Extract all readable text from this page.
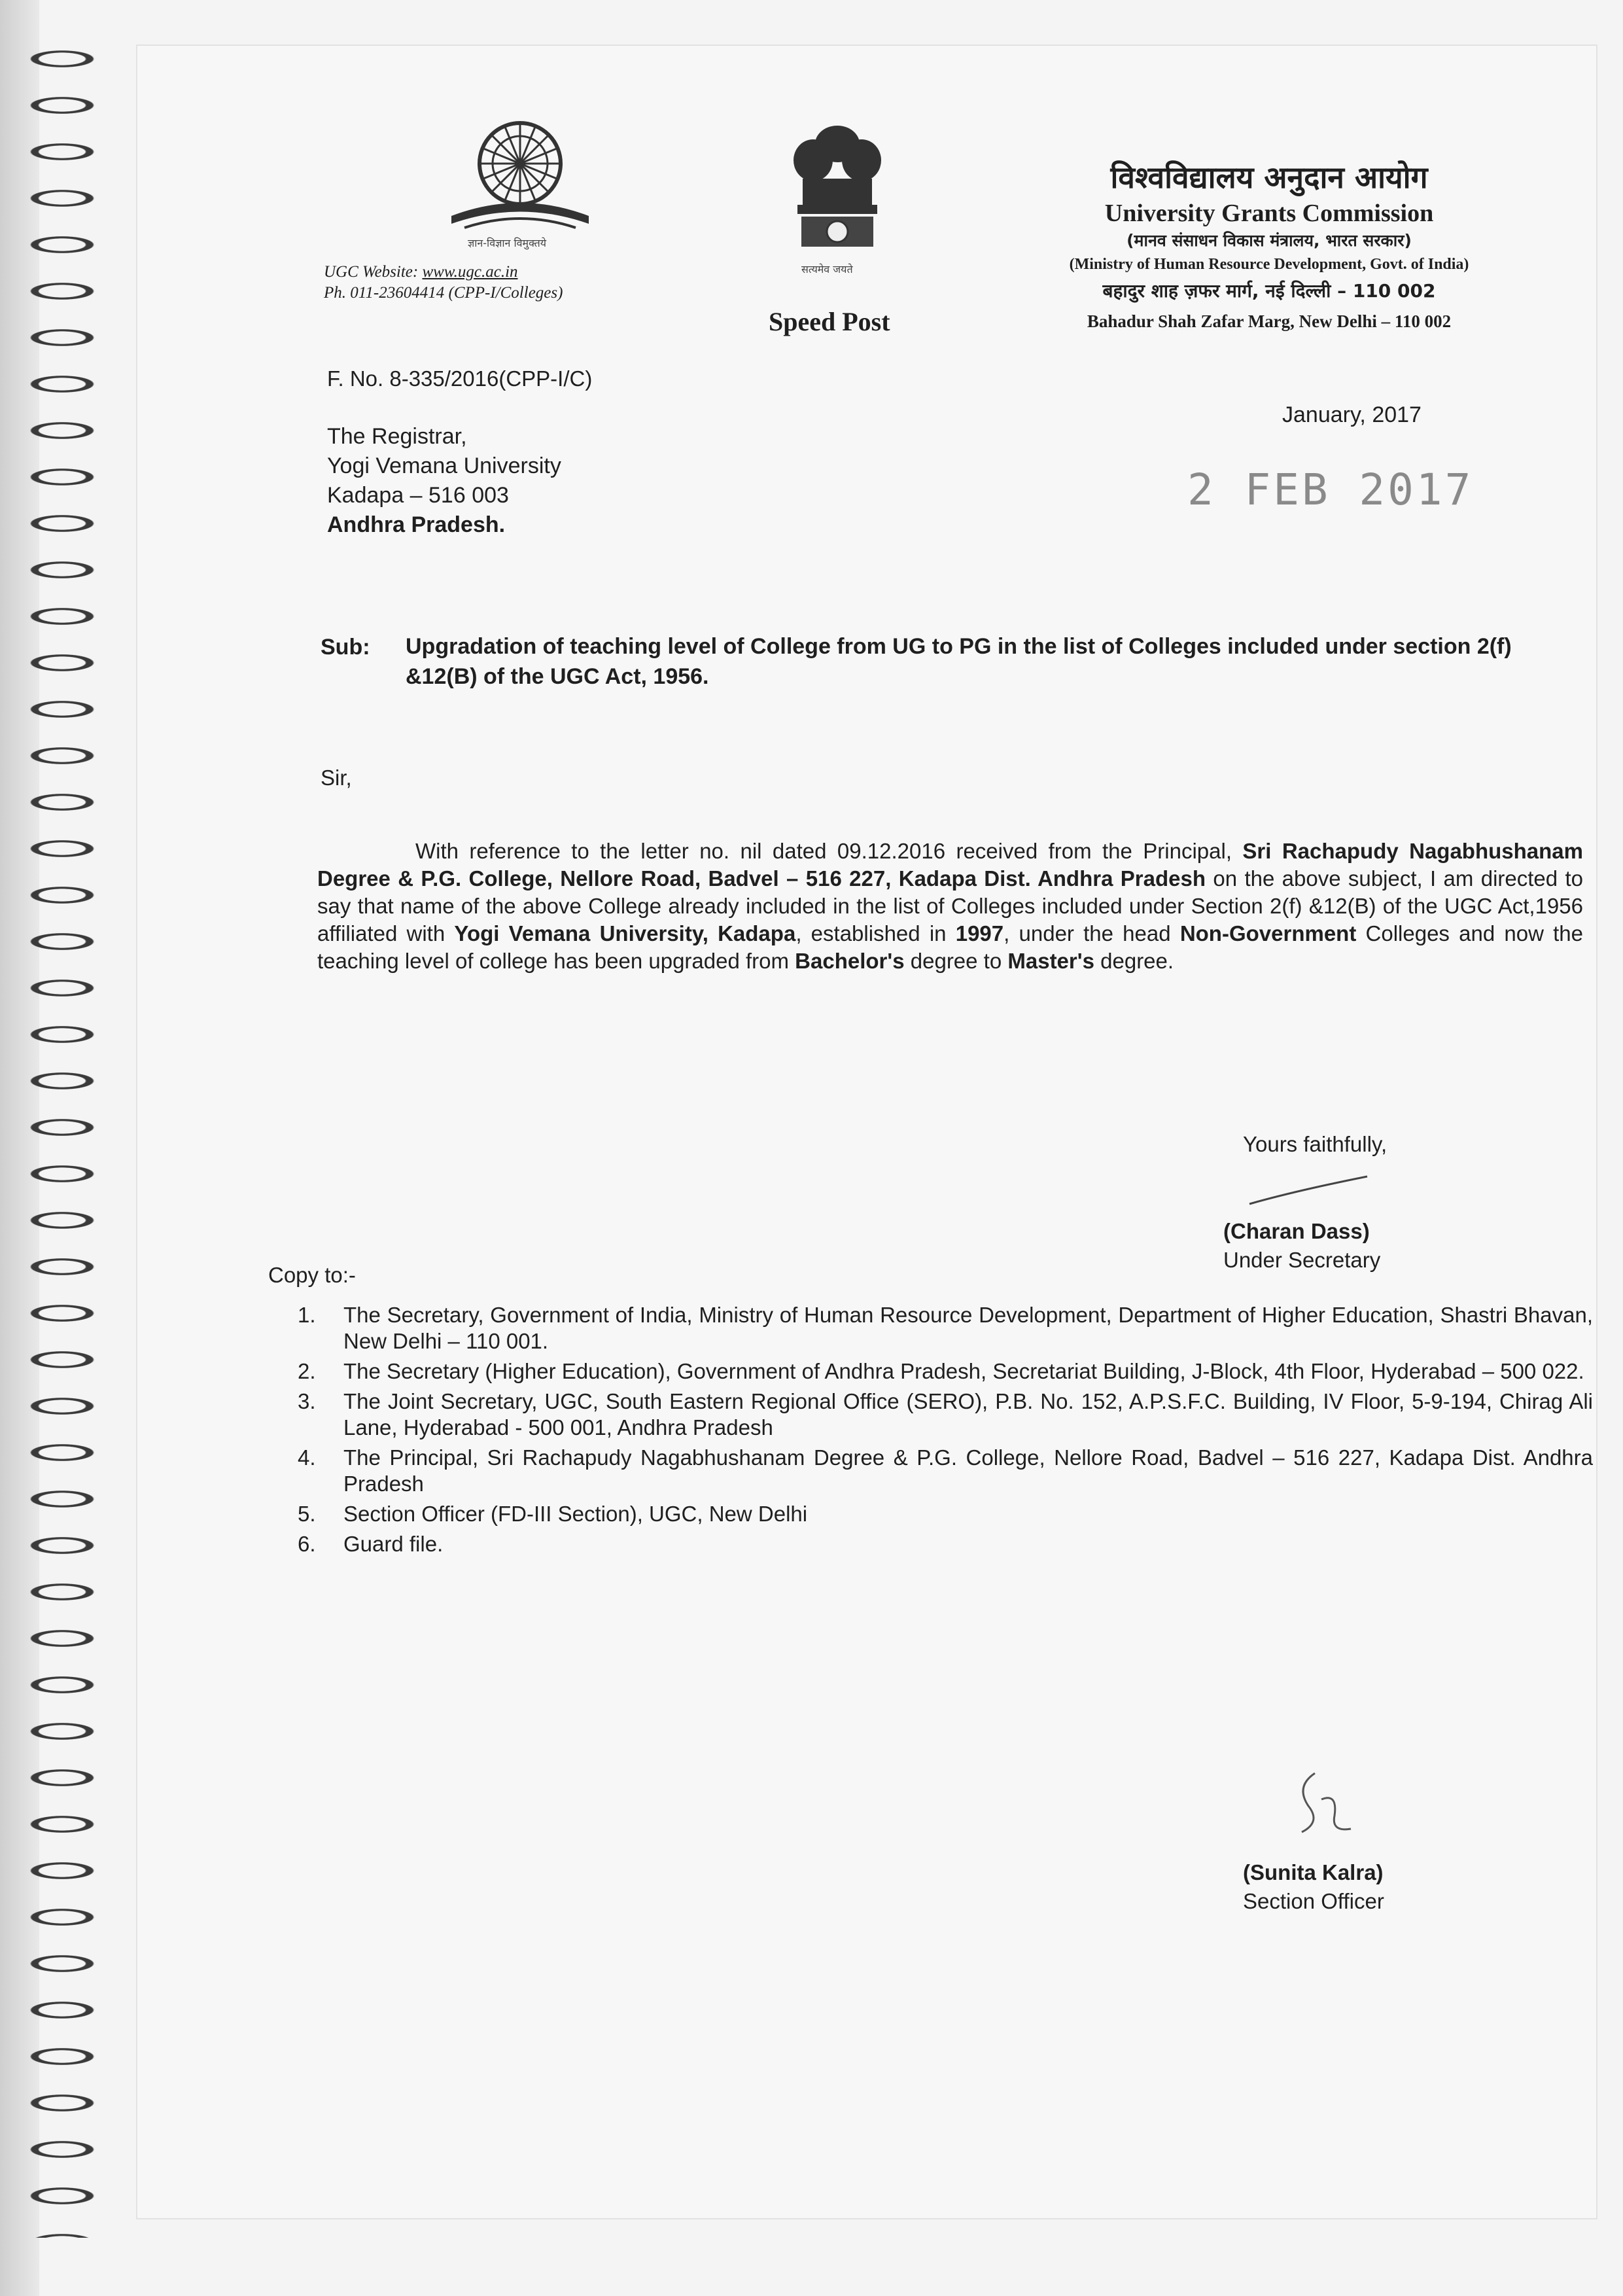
ज्ञान-विज्ञान विमुक्तये
सत्यमेव जयते
UGC Website: www.ugc.ac.in
Ph. 011-23604414 (CPP-I/Colleges)
Speed Post
विश्वविद्यालय अनुदान आयोग
University Grants Commission
(मानव संसाधन विकास मंत्रालय, भारत सरकार)
(Ministry of Human Resource Development, Govt. of India)
बहादुर शाह ज़फर मार्ग, नई दिल्ली – 110 002
Bahadur Shah Zafar Marg, New Delhi – 110 002
F. No. 8-335/2016(CPP-I/C)
January, 2017
2 FEB 2017
The Registrar,
Yogi Vemana University
Kadapa – 516 003
Andhra Pradesh.
Sub: Upgradation of teaching level of College from UG to PG in the list of Colleges included under section 2(f) &12(B) of the UGC Act, 1956.
Sir,
With reference to the letter no. nil dated 09.12.2016 received from the Principal, Sri Rachapudy Nagabhushanam Degree & P.G. College, Nellore Road, Badvel – 516 227, Kadapa Dist. Andhra Pradesh on the above subject, I am directed to say that name of the above College already included in the list of Colleges included under Section 2(f) &12(B) of the UGC Act,1956 affiliated with Yogi Vemana University, Kadapa, established in 1997, under the head Non-Government Colleges and now the teaching level of college has been upgraded from Bachelor's degree to Master's degree.
Yours faithfully,
(Charan Dass)
Under Secretary
Copy to:-
1.	The Secretary, Government of India, Ministry of Human Resource Development, Department of Higher Education, Shastri Bhavan, New Delhi – 110 001.
2.	The Secretary (Higher Education), Government of Andhra Pradesh, Secretariat Building, J-Block, 4th Floor, Hyderabad – 500 022.
3.	The Joint Secretary, UGC, South Eastern Regional Office (SERO), P.B. No. 152, A.P.S.F.C. Building, IV Floor, 5-9-194, Chirag Ali Lane, Hyderabad - 500 001, Andhra Pradesh
4.	The Principal, Sri Rachapudy Nagabhushanam Degree & P.G. College, Nellore Road, Badvel – 516 227, Kadapa Dist. Andhra Pradesh
5.	Section Officer (FD-III Section), UGC, New Delhi
6.	Guard file.
(Sunita Kalra)
Section Officer
